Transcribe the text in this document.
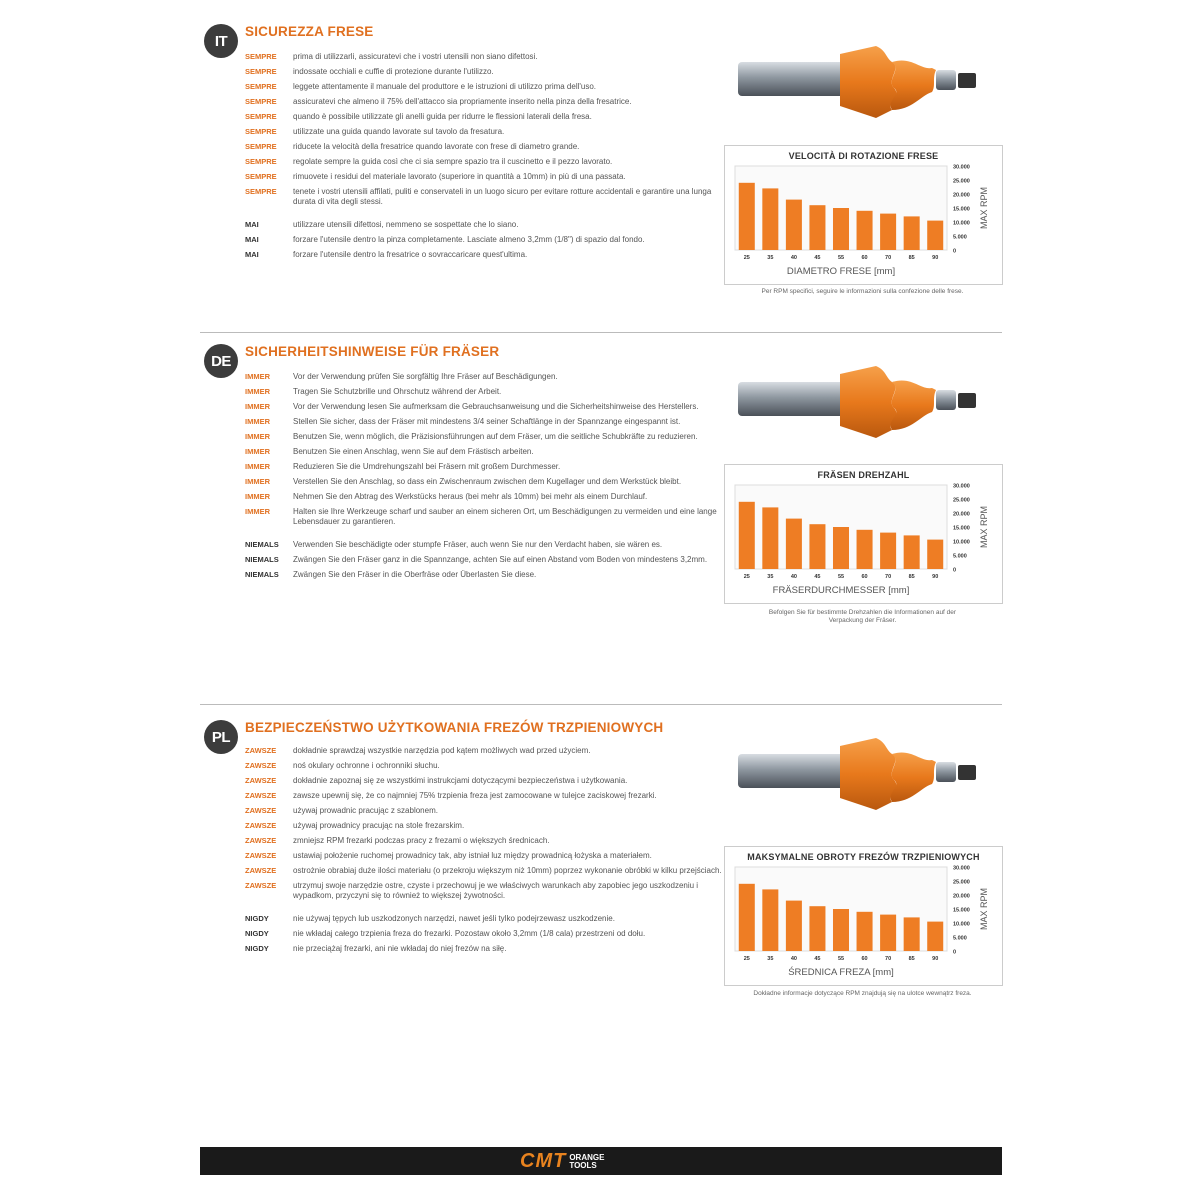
IT
SICUREZZA FRESE
SEMPRE	prima di utilizzarli, assicuratevi che i vostri utensili non siano difettosi.
SEMPRE	indossate occhiali e cuffie di protezione durante l'utilizzo.
SEMPRE	leggete attentamente il manuale del produttore e le istruzioni di utilizzo prima dell'uso.
SEMPRE	assicuratevi che almeno il 75% dell'attacco sia propriamente inserito nella pinza della fresatrice.
SEMPRE	quando è possibile utilizzate gli anelli guida per ridurre le flessioni laterali della fresa.
SEMPRE	utilizzate una guida quando lavorate sul tavolo da fresatura.
SEMPRE	riducete la velocità della fresatrice quando lavorate con frese di diametro grande.
SEMPRE	regolate sempre la guida così che ci sia sempre spazio tra il cuscinetto e il pezzo lavorato.
SEMPRE	rimuovete i residui del materiale lavorato (superiore in quantità a 10mm) in più di una passata.
SEMPRE	tenete i vostri utensili affilati, puliti e conservateli in un luogo sicuro per evitare rotture accidentali e garantire una lunga durata di vita degli stessi.
MAI	utilizzare utensili difettosi, nemmeno se sospettate che lo siano.
MAI	forzare l'utensile dentro la pinza completamente. Lasciate almeno 3,2mm (1/8") di spazio dal fondo.
MAI	forzare l'utensile dentro la fresatrice o sovraccaricare quest'ultima.
DE
SICHERHEITSHINWEISE FÜR FRÄSER
IMMER	Vor der Verwendung prüfen Sie sorgfältig Ihre Fräser auf Beschädigungen.
IMMER	Tragen Sie Schutzbrille und Ohrschutz während der Arbeit.
IMMER	Vor der Verwendung lesen Sie aufmerksam die Gebrauchsanweisung und die Sicherheitshinweise des Herstellers.
IMMER	Stellen Sie sicher, dass der Fräser mit mindestens 3/4 seiner Schaftlänge in der Spannzange eingespannt ist.
IMMER	Benutzen Sie, wenn möglich, die Präzisionsführungen auf dem Fräser, um die seitliche Schubkräfte zu reduzieren.
IMMER	Benutzen Sie einen Anschlag, wenn Sie auf dem Frästisch arbeiten.
IMMER	Reduzieren Sie die Umdrehungszahl bei Fräsern mit großem Durchmesser.
IMMER	Verstellen Sie den Anschlag, so dass ein Zwischenraum zwischen dem Kugellager und dem Werkstück bleibt.
IMMER	Nehmen Sie den Abtrag des Werkstücks heraus (bei mehr als 10mm) bei mehr als einem Durchlauf.
IMMER	Halten sie Ihre Werkzeuge scharf und sauber an einem sicheren Ort, um Beschädigungen zu vermeiden und eine lange Lebensdauer zu garantieren.
NIEMALS	Verwenden Sie beschädigte oder stumpfe Fräser, auch wenn Sie nur den Verdacht haben, sie wären es.
NIEMALS	Zwängen Sie den Fräser ganz in die Spannzange, achten Sie auf einen Abstand vom Boden von mindestens 3,2mm.
NIEMALS	Zwängen Sie den Fräser in die Oberfräse oder Überlasten Sie diese.
PL
BEZPIECZEŃSTWO UŻYTKOWANIA FREZÓW TRZPIENIOWYCH
ZAWSZE	dokładnie sprawdzaj wszystkie narzędzia pod kątem możliwych wad przed użyciem.
ZAWSZE	noś okulary ochronne i ochronniki słuchu.
ZAWSZE	dokładnie zapoznaj się ze wszystkimi instrukcjami dotyczącymi bezpieczeństwa i użytkowania.
ZAWSZE	zawsze upewnij się, że co najmniej 75% trzpienia freza jest zamocowane w tulejce zaciskowej frezarki.
ZAWSZE	używaj prowadnic pracując z szablonem.
ZAWSZE	używaj prowadnicy pracując na stole frezarskim.
ZAWSZE	zmniejsz RPM frezarki podczas pracy z frezami o większych średnicach.
ZAWSZE	ustawiaj położenie ruchomej prowadnicy tak, aby istniał luz między prowadnicą łożyska a materiałem.
ZAWSZE	ostrożnie obrabiaj duże ilości materiału (o przekroju większym niż 10mm) poprzez wykonanie obróbki w kilku przejściach.
ZAWSZE	utrzymuj swoje narzędzie ostre, czyste i przechowuj je we właściwych warunkach aby zapobiec jego uszkodzeniu i wypadkom, przyczyni się to również to większej żywotności.
NIGDY	nie używaj tępych lub uszkodzonych narzędzi, nawet jeśli tylko podejrzewasz uszkodzenie.
NIGDY	nie wkładaj całego trzpienia freza do frezarki. Pozostaw około 3,2mm (1/8 cala) przestrzeni od dołu.
NIGDY	nie przeciążaj frezarki, ani nie wkładaj do niej frezów na siłę.
VELOCITÀ DI ROTAZIONE FRESE
25	35	40	45	55	60	70	85	90
30.000
25.000
20.000
15.000
10.000
5.000
0
MAX RPM
DIAMETRO FRESE [mm]
Per RPM specifici, seguire le informazioni sulla confezione delle frese.
FRÄSEN DREHZAHL
25	35	40	45	55	60	70	85	90
30.000
25.000
20.000
15.000
10.000
5.000
0
MAX RPM
FRÄSERDURCHMESSER [mm]
Befolgen Sie für bestimmte Drehzahlen die Informationen auf der Verpackung der Fräser.
MAKSYMALNE OBROTY FREZÓW TRZPIENIOWYCH
25	35	40	45	55	60	70	85	90
30.000
25.000
20.000
15.000
10.000
5.000
0
MAX RPM
ŚREDNICA FREZA [mm]
Dokładne informacje dotyczące RPM znajdują się na ulotce wewnątrz freza.
CMT ORANGE
TOOLS
